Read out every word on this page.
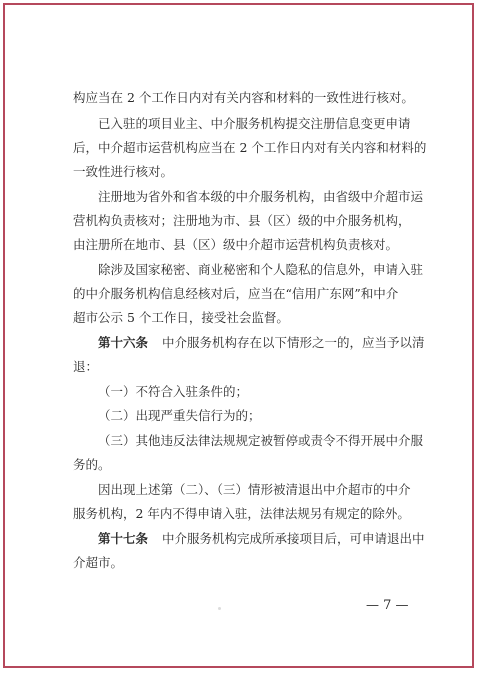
构应当在 2 个工作日内对有关内容和材料的一致性进行核对。
已入驻的项目业主、中介服务机构提交注册信息变更申请
后，中介超市运营机构应当在 2 个工作日内对有关内容和材料的
一致性进行核对。
注册地为省外和省本级的中介服务机构，由省级中介超市运
营机构负责核对；注册地为市、县（区）级的中介服务机构，
由注册所在地市、县（区）级中介超市运营机构负责核对。
除涉及国家秘密、商业秘密和个人隐私的信息外，申请入驻
的中介服务机构信息经核对后，应当在“信用广东网”和中介
超市公示 5 个工作日，接受社会监督。
第十六条 中介服务机构存在以下情形之一的，应当予以清
退：
（一）不符合入驻条件的；
（二）出现严重失信行为的；
（三）其他违反法律法规规定被暂停或责令不得开展中介服
务的。
因出现上述第（二）、（三）情形被清退出中介超市的中介
服务机构，2 年内不得申请入驻，法律法规另有规定的除外。
第十七条 中介服务机构完成所承接项目后，可申请退出中
介超市。
— 7 —
